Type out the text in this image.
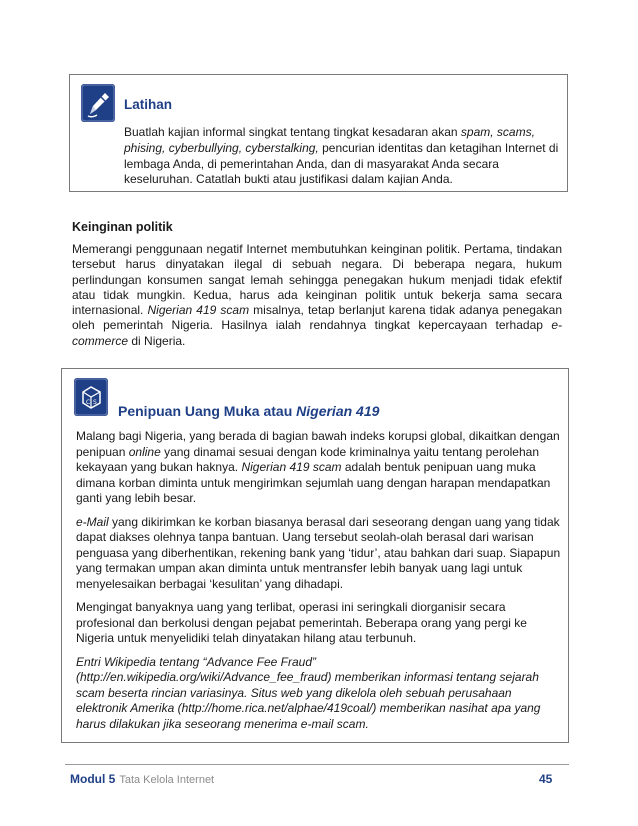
Latihan
Buatlah kajian informal singkat tentang tingkat kesadaran akan spam, scams, phising, cyberbullying, cyberstalking, pencurian identitas dan ketagihan Internet di lembaga Anda, di pemerintahan Anda, dan di masyarakat Anda secara keseluruhan. Catatlah bukti atau justifikasi dalam kajian Anda.
Keinginan politik
Memerangi penggunaan negatif Internet membutuhkan keinginan politik. Pertama, tindakan tersebut harus dinyatakan ilegal di sebuah negara. Di beberapa negara, hukum perlindungan konsumen sangat lemah sehingga penegakan hukum menjadi tidak efektif atau tidak mungkin. Kedua, harus ada keinginan politik untuk bekerja sama secara internasional. Nigerian 419 scam misalnya, tetap berlanjut karena tidak adanya penegakan oleh pemerintah Nigeria. Hasilnya ialah rendahnya tingkat kepercayaan terhadap e-commerce di Nigeria.
C S
Penipuan Uang Muka atau Nigerian 419

Malang bagi Nigeria, yang berada di bagian bawah indeks korupsi global, dikaitkan dengan penipuan online yang dinamai sesuai dengan kode kriminalnya yaitu tentang perolehan kekayaan yang bukan haknya. Nigerian 419 scam adalah bentuk penipuan uang muka dimana korban diminta untuk mengirimkan sejumlah uang dengan harapan mendapatkan ganti yang lebih besar.

e-Mail yang dikirimkan ke korban biasanya berasal dari seseorang dengan uang yang tidak dapat diakses olehnya tanpa bantuan. Uang tersebut seolah-olah berasal dari warisan penguasa yang diberhentikan, rekening bank yang ‘tidur’, atau bahkan dari suap. Siapapun yang termakan umpan akan diminta untuk mentransfer lebih banyak uang lagi untuk menyelesaikan berbagai ‘kesulitan’ yang dihadapi.

Mengingat banyaknya uang yang terlibat, operasi ini seringkali diorganisir secara profesional dan berkolusi dengan pejabat pemerintah. Beberapa orang yang pergi ke Nigeria untuk menyelidiki telah dinyatakan hilang atau terbunuh.

Entri Wikipedia tentang “Advance Fee Fraud” (http://en.wikipedia.org/wiki/Advance_fee_fraud) memberikan informasi tentang sejarah scam beserta rincian variasinya. Situs web yang dikelola oleh sebuah perusahaan elektronik Amerika (http://home.rica.net/alphae/419coal/) memberikan nasihat apa yang harus dilakukan jika seseorang menerima e-mail scam.

Modul 5 Tata Kelola Internet	45
